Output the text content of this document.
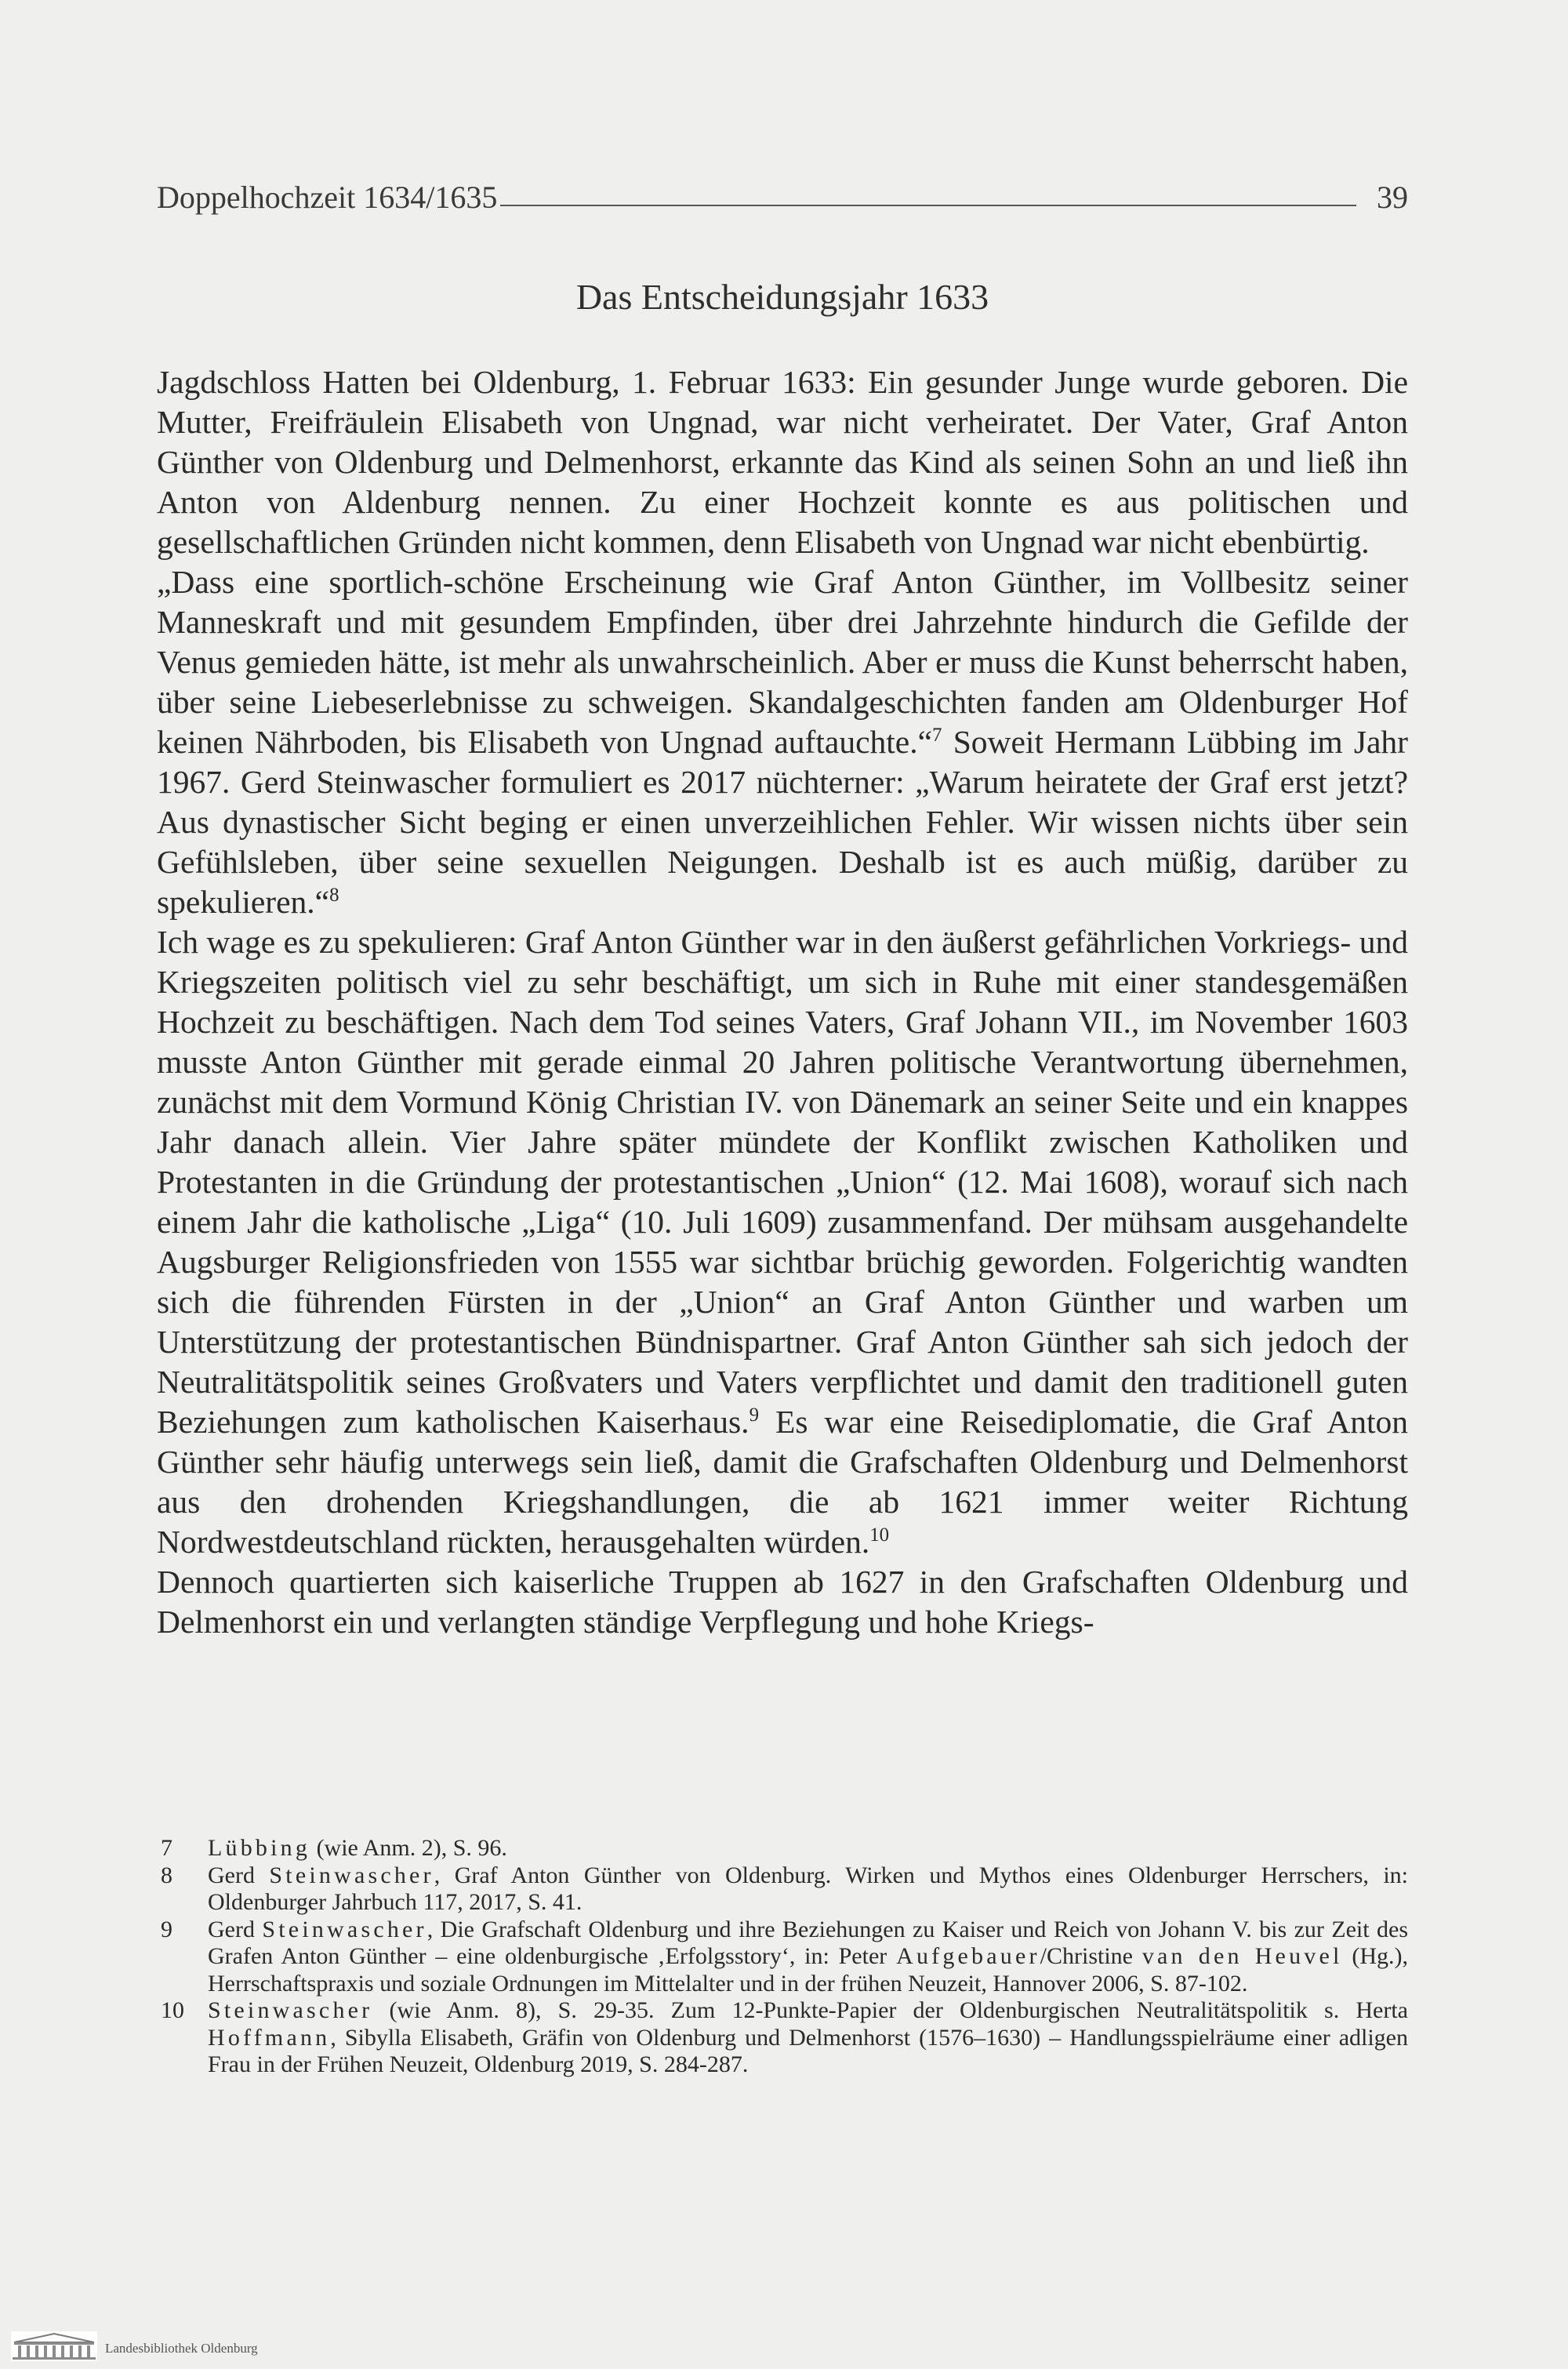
Doppelhochzeit 1634/1635	39
Das Entscheidungsjahr 1633

Jagdschloss Hatten bei Oldenburg, 1. Februar 1633: Ein gesunder Junge wurde geboren. Die Mutter, Freifräulein Elisabeth von Ungnad, war nicht verheiratet. Der Vater, Graf Anton Günther von Oldenburg und Delmenhorst, erkannte das Kind als seinen Sohn an und ließ ihn Anton von Aldenburg nennen. Zu einer Hochzeit konnte es aus politischen und gesellschaftlichen Gründen nicht kommen, denn Elisabeth von Ungnad war nicht ebenbürtig.

„Dass eine sportlich-schöne Erscheinung wie Graf Anton Günther, im Vollbesitz seiner Manneskraft und mit gesundem Empfinden, über drei Jahrzehnte hindurch die Gefilde der Venus gemieden hätte, ist mehr als unwahrscheinlich. Aber er muss die Kunst beherrscht haben, über seine Liebeserlebnisse zu schweigen. Skandalgeschichten fanden am Oldenburger Hof keinen Nährboden, bis Elisabeth von Ungnad auftauchte.“$^7$ Soweit Hermann Lübbing im Jahr 1967. Gerd Steinwascher formuliert es 2017 nüchterner: „Warum heiratete der Graf erst jetzt? Aus dynastischer Sicht beging er einen unverzeihlichen Fehler. Wir wissen nichts über sein Gefühlsleben, über seine sexuellen Neigungen. Deshalb ist es auch müßig, darüber zu spekulieren.“$^8$

Ich wage es zu spekulieren: Graf Anton Günther war in den äußerst gefährlichen Vorkriegs- und Kriegszeiten politisch viel zu sehr beschäftigt, um sich in Ruhe mit einer standesgemäßen Hochzeit zu beschäftigen. Nach dem Tod seines Vaters, Graf Johann VII., im November 1603 musste Anton Günther mit gerade einmal 20 Jahren politische Verantwortung übernehmen, zunächst mit dem Vormund König Christian IV. von Dänemark an seiner Seite und ein knappes Jahr danach allein. Vier Jahre später mündete der Konflikt zwischen Katholiken und Protestanten in die Gründung der protestantischen „Union“ (12. Mai 1608), worauf sich nach einem Jahr die katholische „Liga“ (10. Juli 1609) zusammenfand. Der mühsam ausgehandelte Augsburger Religionsfrieden von 1555 war sichtbar brüchig geworden. Folgerichtig wandten sich die führenden Fürsten in der „Union“ an Graf Anton Günther und warben um Unterstützung der protestantischen Bündnispartner. Graf Anton Günther sah sich jedoch der Neutralitätspolitik seines Großvaters und Vaters verpflichtet und damit den traditionell guten Beziehungen zum katholischen Kaiserhaus.$^9$ Es war eine Reisediplomatie, die Graf Anton Günther sehr häufig unterwegs sein ließ, damit die Grafschaften Oldenburg und Delmenhorst aus den drohenden Kriegshandlungen, die ab 1621 immer weiter Richtung Nordwestdeutschland rückten, herausgehalten würden.$^{10}$

Dennoch quartierten sich kaiserliche Truppen ab 1627 in den Grafschaften Oldenburg und Delmenhorst ein und verlangten ständige Verpflegung und hohe Kriegs-

7	Lübbing (wie Anm. 2), S. 96.
8	Gerd Steinwascher, Graf Anton Günther von Oldenburg. Wirken und Mythos eines Oldenburger Herrschers, in: Oldenburger Jahrbuch 117, 2017, S. 41.
9	Gerd Steinwascher, Die Grafschaft Oldenburg und ihre Beziehungen zu Kaiser und Reich von Johann V. bis zur Zeit des Grafen Anton Günther – eine oldenburgische ‚Erfolgsstory‘, in: Peter Aufgebauer/Christine van den Heuvel (Hg.), Herrschaftspraxis und soziale Ordnungen im Mittelalter und in der frühen Neuzeit, Hannover 2006, S. 87-102.
10	Steinwascher (wie Anm. 8), S. 29-35. Zum 12-Punkte-Papier der Oldenburgischen Neutralitätspolitik s. Herta Hoffmann, Sibylla Elisabeth, Gräfin von Oldenburg und Delmenhorst (1576–1630) – Handlungsspielräume einer adligen Frau in der Frühen Neuzeit, Oldenburg 2019, S. 284-287.
Landesbibliothek Oldenburg
